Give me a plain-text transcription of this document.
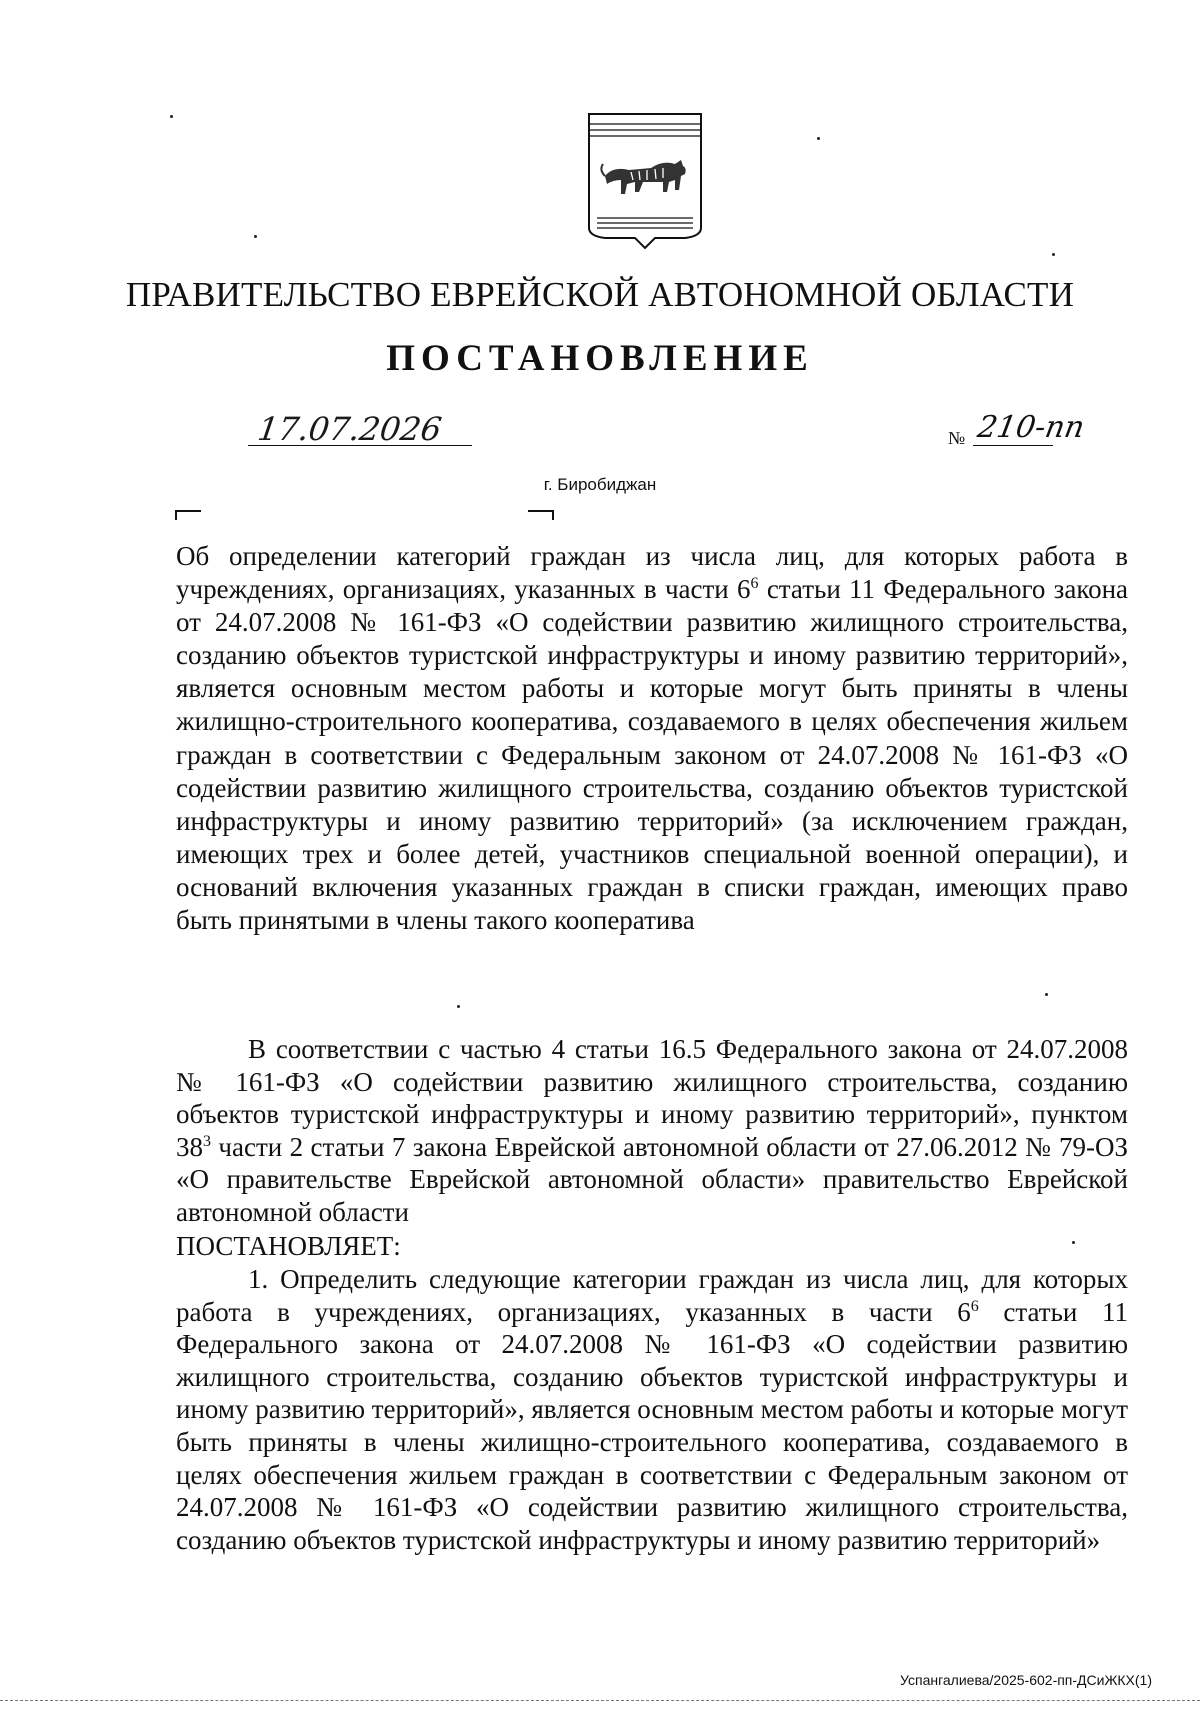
ПРАВИТЕЛЬСТВО ЕВРЕЙСКОЙ АВТОНОМНОЙ ОБЛАСТИ
ПОСТАНОВЛЕНИЕ
17.07.2026	№ 210-пп
г. Биробиджан
Об определении категорий граждан из числа лиц, для которых работа в учреждениях, организациях, указанных в части $6^6$ статьи 11 Федерального закона от 24.07.2008 № 161-ФЗ «О содействии развитию жилищного строительства, созданию объектов туристской инфраструктуры и иному развитию территорий», является основным местом работы и которые могут быть приняты в члены жилищно-строительного кооператива, создаваемого в целях обеспечения жильем граждан в соответствии с Федеральным законом от 24.07.2008 № 161-ФЗ «О содействии развитию жилищного строительства, созданию объектов туристской инфраструктуры и иному развитию территорий» (за исключением граждан, имеющих трех и более детей, участников специальной военной операции), и оснований включения указанных граждан в списки граждан, имеющих право быть принятыми в члены такого кооператива
В соответствии с частью 4 статьи 16.5 Федерального закона от 24.07.2008 № 161-ФЗ «О содействии развитию жилищного строительства, созданию объектов туристской инфраструктуры и иному развитию территорий», пунктом $38^3$ части 2 статьи 7 закона Еврейской автономной области от 27.06.2012 № 79-ОЗ «О правительстве Еврейской автономной области» правительство Еврейской автономной области
ПОСТАНОВЛЯЕТ:
1. Определить следующие категории граждан из числа лиц, для которых работа в учреждениях, организациях, указанных в части $6^6$ статьи 11 Федерального закона от 24.07.2008 № 161-ФЗ «О содействии развитию жилищного строительства, созданию объектов туристской инфраструктуры и иному развитию территорий», является основным местом работы и которые могут быть приняты в члены жилищно-строительного кооператива, создаваемого в целях обеспечения жильем граждан в соответствии с Федеральным законом от 24.07.2008 № 161-ФЗ «О содействии развитию жилищного строительства, созданию объектов туристской инфраструктуры и иному развитию территорий»
Успангалиева/2025-602-пп-ДСиЖКХ(1)
